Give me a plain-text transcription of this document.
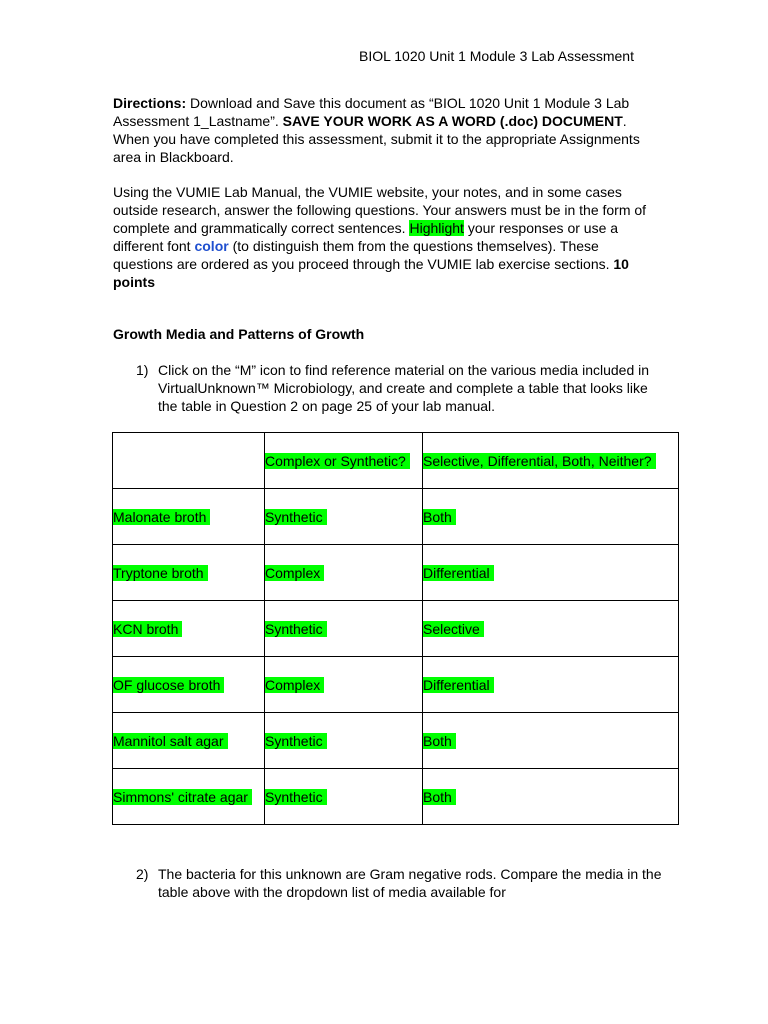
BIOL 1020 Unit 1 Module 3 Lab Assessment
Directions: Download and Save this document as “BIOL 1020 Unit 1 Module 3 Lab Assessment 1_Lastname”. SAVE YOUR WORK AS A WORD (.doc) DOCUMENT. When you have completed this assessment, submit it to the appropriate Assignments area in Blackboard.
Using the VUMIE Lab Manual, the VUMIE website, your notes, and in some cases outside research, answer the following questions. Your answers must be in the form of complete and grammatically correct sentences. Highlight your responses or use a different font color (to distinguish them from the questions themselves). These questions are ordered as you proceed through the VUMIE lab exercise sections. 10 points
Growth Media and Patterns of Growth
1) Click on the “M” icon to find reference material on the various media included in VirtualUnknown™ Microbiology, and create and complete a table that looks like the table in Question 2 on page 25 of your lab manual.
	Complex or Synthetic?	Selective, Differential, Both, Neither?
Malonate broth	Synthetic	Both
Tryptone broth	Complex	Differential
KCN broth	Synthetic	Selective
OF glucose broth	Complex	Differential
Mannitol salt agar	Synthetic	Both
Simmons' citrate agar	Synthetic	Both
2) The bacteria for this unknown are Gram negative rods. Compare the media in the table above with the dropdown list of media available for
